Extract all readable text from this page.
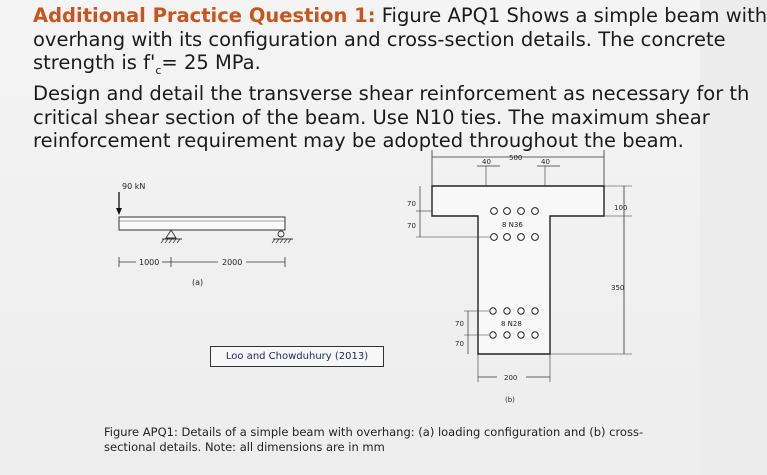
Additional Practice Question 1: Figure APQ1 Shows a simple beam with
overhang with its configuration and cross-section details. The concrete
strength is $f'_c= 25$ MPa.
Design and detail the transverse shear reinforcement as necessary for th
critical shear section of the beam. Use N10 ties. The maximum shear
reinforcement requirement may be adopted throughout the beam.
90 kN
1000	2000
(a)
500
40	40
8 N36
70
70
8 N28
70
70
100
350
200
(b)
Loo and Chowduhury (2013)
Figure APQ1: Details of a simple beam with overhang: (a) loading configuration and (b) cross-
sectional details. Note: all dimensions are in mm
